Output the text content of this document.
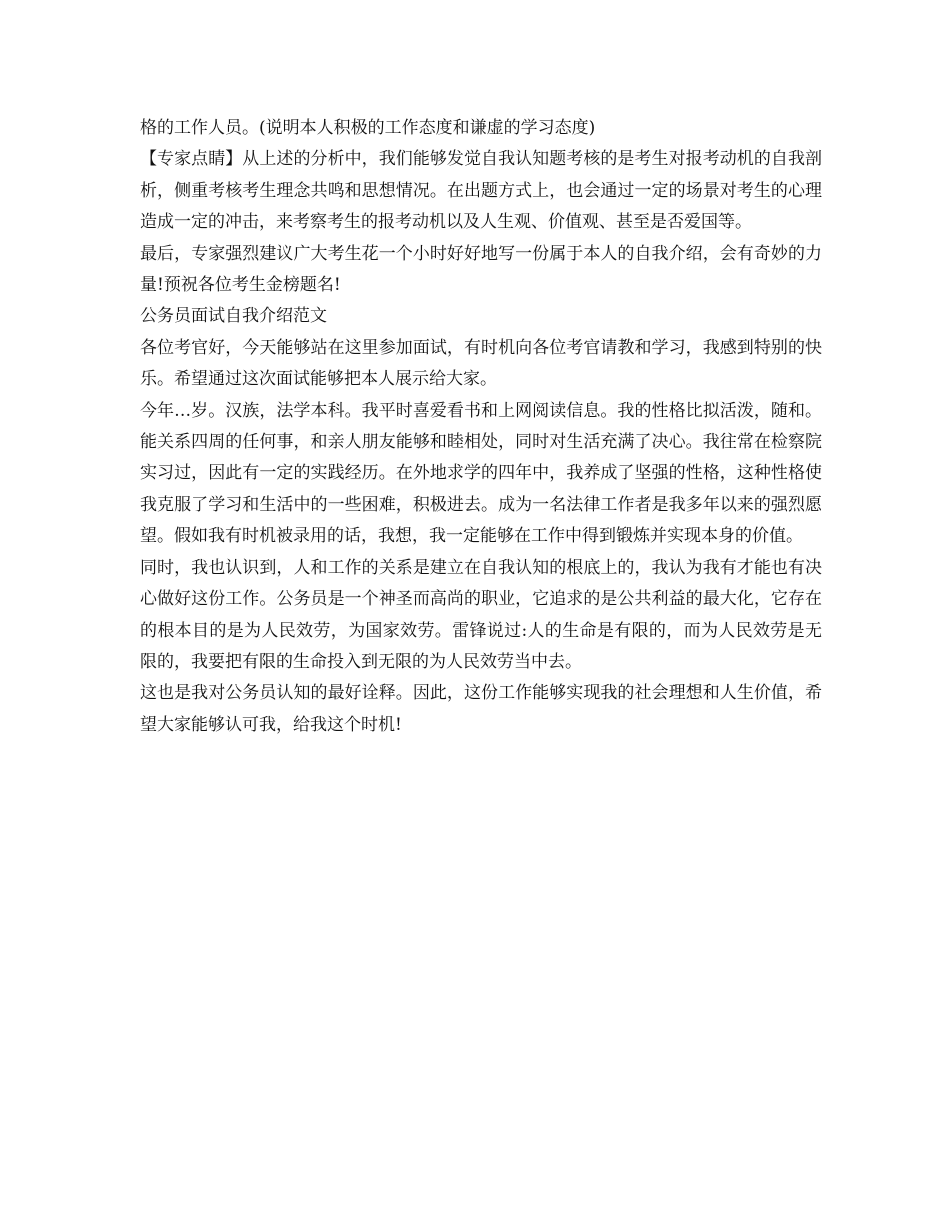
格的工作人员。(说明本人积极的工作态度和谦虚的学习态度)

【专家点睛】从上述的分析中，我们能够发觉自我认知题考核的是考生对报考动机的自我剖析，侧重考核考生理念共鸣和思想情况。在出题方式上，也会通过一定的场景对考生的心理造成一定的冲击，来考察考生的报考动机以及人生观、价值观、甚至是否爱国等。

最后，专家强烈建议广大考生花一个小时好好地写一份属于本人的自我介绍，会有奇妙的力量!预祝各位考生金榜题名!

公务员面试自我介绍范文

各位考官好，今天能够站在这里参加面试，有时机向各位考官请教和学习，我感到特别的快乐。希望通过这次面试能够把本人展示给大家。

今年…岁。汉族，法学本科。我平时喜爱看书和上网阅读信息。我的性格比拟活泼，随和。能关系四周的任何事，和亲人朋友能够和睦相处，同时对生活充满了决心。我往常在检察院实习过，因此有一定的实践经历。在外地求学的四年中，我养成了坚强的性格，这种性格使我克服了学习和生活中的一些困难，积极进去。成为一名法律工作者是我多年以来的强烈愿望。假如我有时机被录用的话，我想，我一定能够在工作中得到锻炼并实现本身的价值。

同时，我也认识到，人和工作的关系是建立在自我认知的根底上的，我认为我有才能也有决心做好这份工作。公务员是一个神圣而高尚的职业，它追求的是公共利益的最大化，它存在的根本目的是为人民效劳，为国家效劳。雷锋说过:人的生命是有限的，而为人民效劳是无限的，我要把有限的生命投入到无限的为人民效劳当中去。

这也是我对公务员认知的最好诠释。因此，这份工作能够实现我的社会理想和人生价值，希望大家能够认可我，给我这个时机!
